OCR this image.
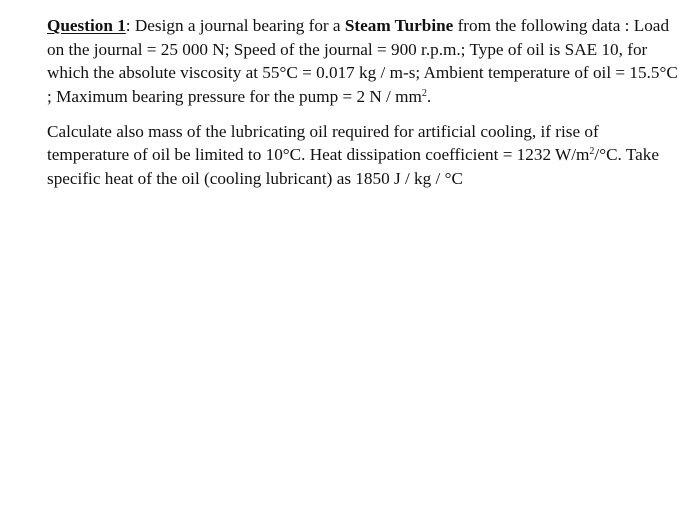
Question 1: Design a journal bearing for a Steam Turbine from the following data : Load on the journal = 25 000 N; Speed of the journal = 900 r.p.m.; Type of oil is SAE 10, for which the absolute viscosity at 55°C = 0.017 kg / m-s; Ambient temperature of oil = 15.5°C ; Maximum bearing pressure for the pump = 2 N / $mm^2$.

Calculate also mass of the lubricating oil required for artificial cooling, if rise of temperature of oil be limited to 10°C. Heat dissipation coefficient = 1232 $W/m^2/^\circ C$. Take specific heat of the oil (cooling lubricant) as 1850 J / kg / °C
